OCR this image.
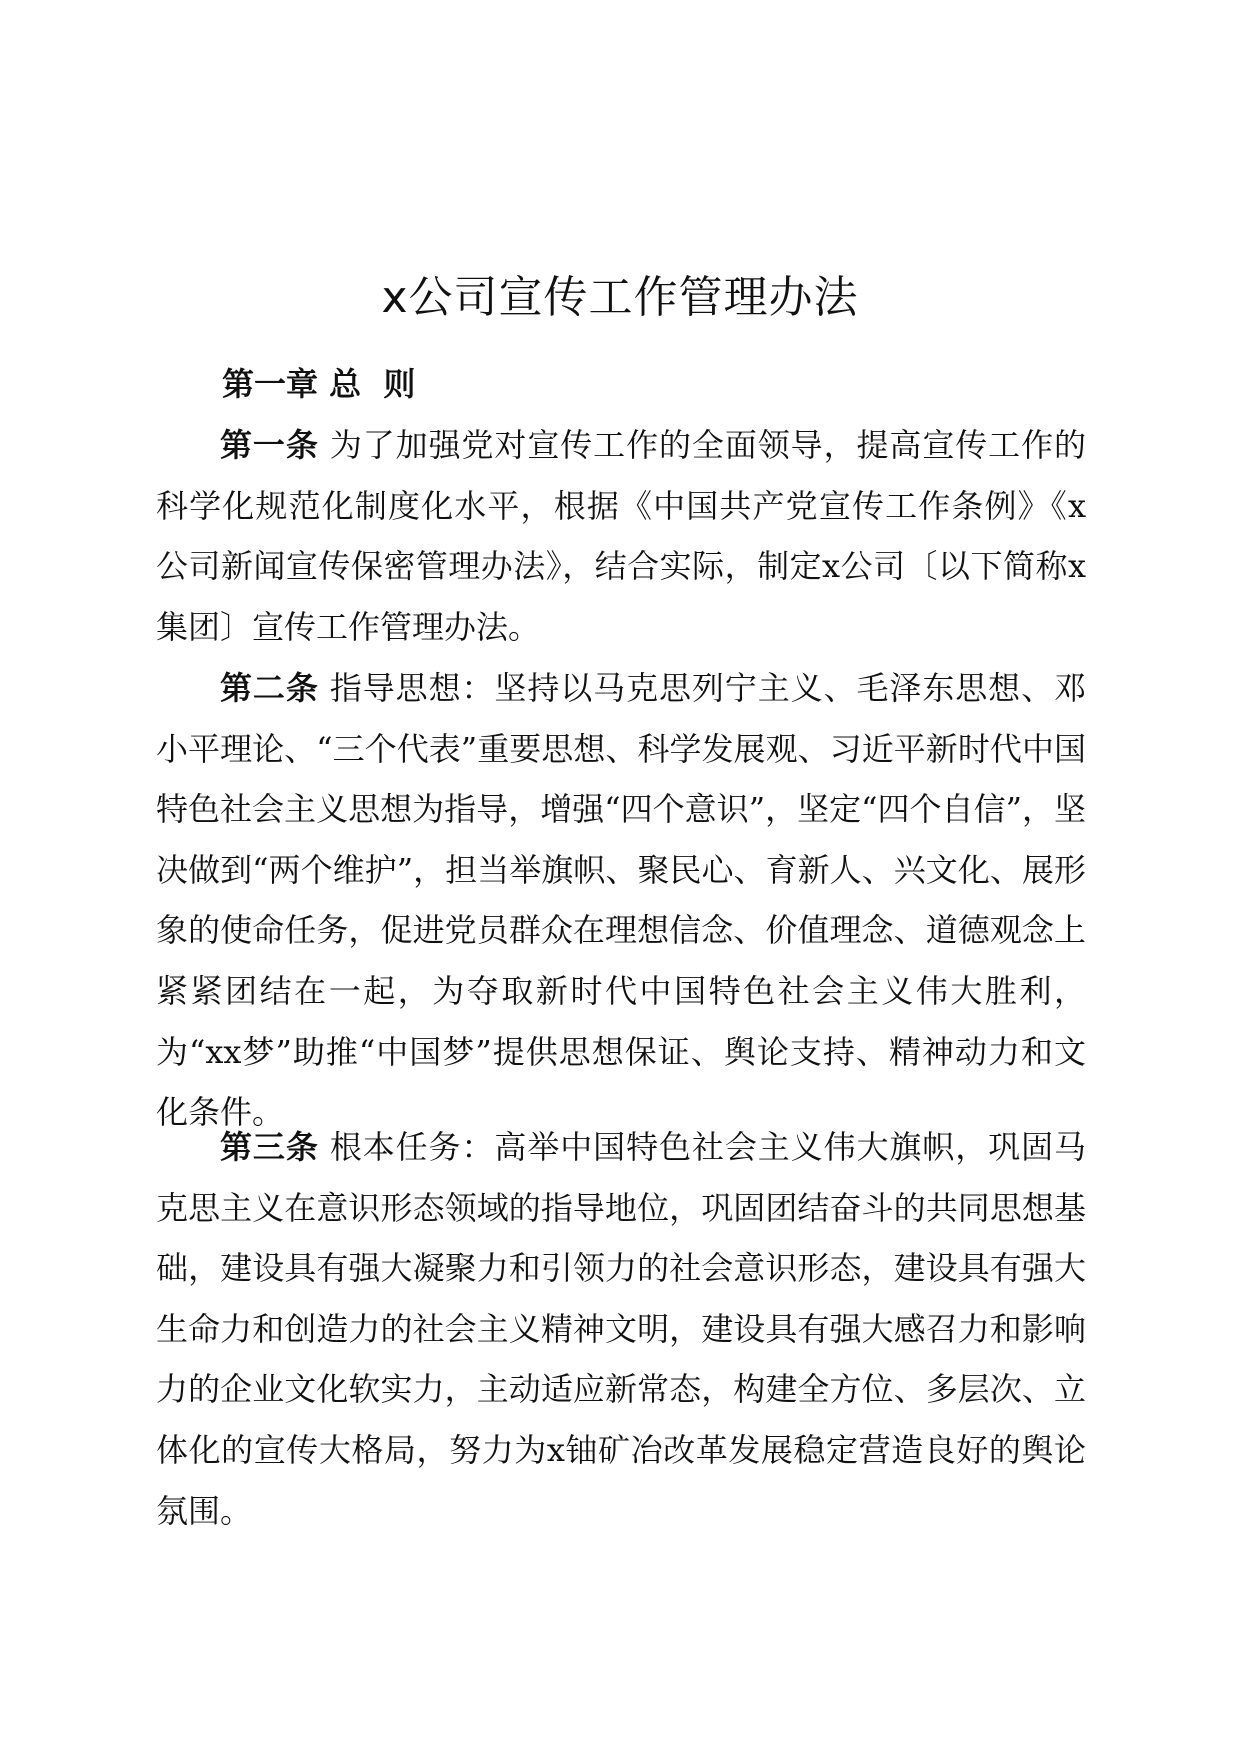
x公司宣传工作管理办法
第一章 总  则

第一条 为了加强党对宣传工作的全面领导，提高宣传工作的科学化规范化制度化水平，根据《中国共产党宣传工作条例》《x公司新闻宣传保密管理办法》，结合实际，制定x公司〔以下简称x集团〕宣传工作管理办法。

第二条 指导思想：坚持以马克思列宁主义、毛泽东思想、邓小平理论、“三个代表”重要思想、科学发展观、习近平新时代中国特色社会主义思想为指导，增强“四个意识”，坚定“四个自信”，坚决做到“两个维护”，担当举旗帜、聚民心、育新人、兴文化、展形象的使命任务，促进党员群众在理想信念、价值理念、道德观念上紧紧团结在一起，为夺取新时代中国特色社会主义伟大胜利，为“xx梦”助推“中国梦”提供思想保证、舆论支持、精神动力和文化条件。

第三条 根本任务：高举中国特色社会主义伟大旗帜，巩固马克思主义在意识形态领域的指导地位，巩固团结奋斗的共同思想基础，建设具有强大凝聚力和引领力的社会意识形态，建设具有强大生命力和创造力的社会主义精神文明，建设具有强大感召力和影响力的企业文化软实力，主动适应新常态，构建全方位、多层次、立体化的宣传大格局，努力为x铀矿冶改革发展稳定营造良好的舆论氛围。
